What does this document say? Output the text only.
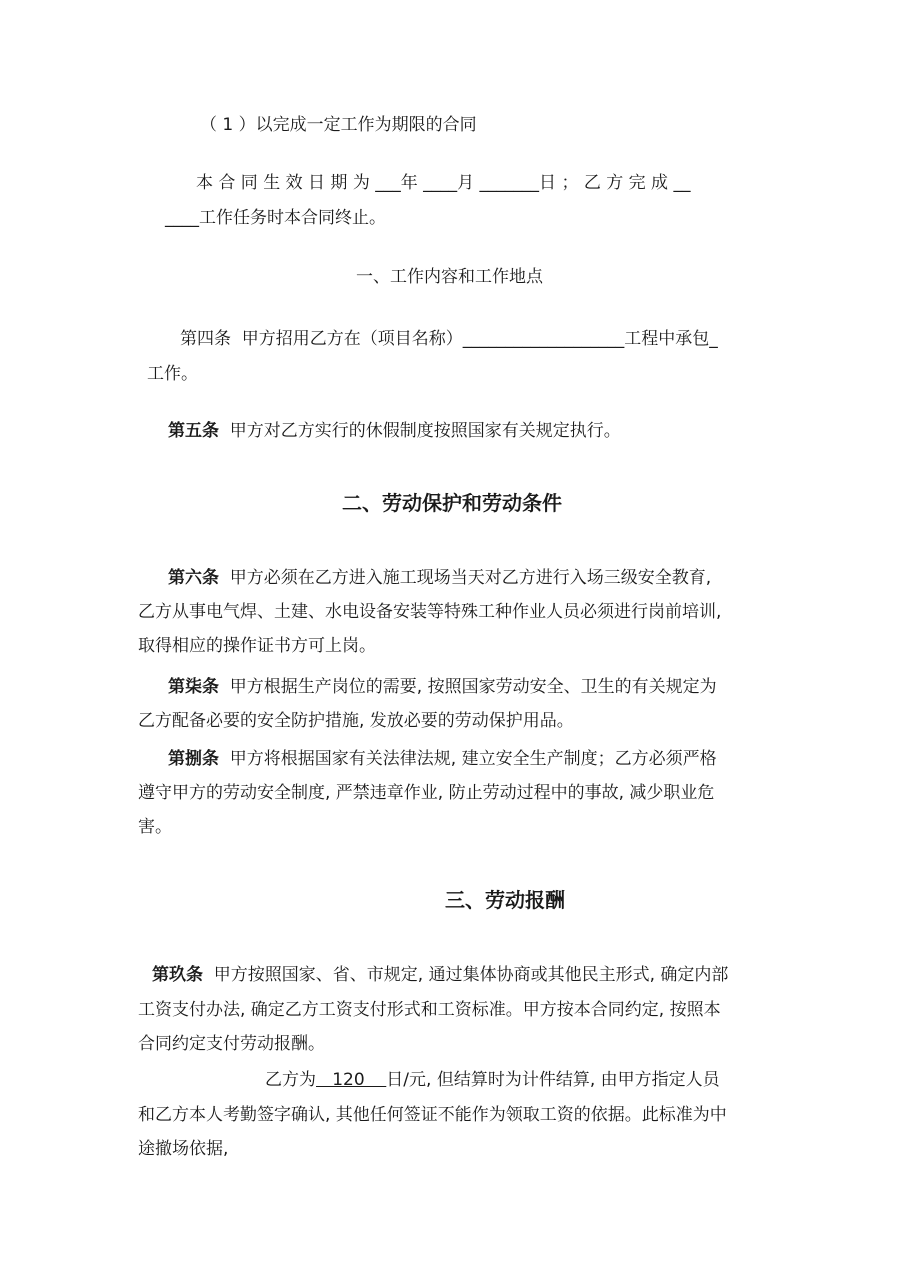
（ 1 ）以完成一定工作为期限的合同
本 合 同 生 效 日 期 为 ___年 ____月 _______日 ； 乙 方 完 成 __
____工作任务时本合同终止。
一、工作内容和工作地点
第四条  甲方招用乙方在（项目名称）___________________工程中承包_
工作。
第五条  甲方对乙方实行的休假制度按照国家有关规定执行。
二、劳动保护和劳动条件
第六条  甲方必须在乙方进入施工现场当天对乙方进行入场三级安全教育,
乙方从事电气焊、土建、水电设备安装等特殊工种作业人员必须进行岗前培训,
取得相应的操作证书方可上岗。
第柒条  甲方根据生产岗位的需要, 按照国家劳动安全、卫生的有关规定为
乙方配备必要的安全防护措施, 发放必要的劳动保护用品。
第捌条  甲方将根据国家有关法律法规, 建立安全生产制度；乙方必须严格
遵守甲方的劳动安全制度, 严禁违章作业, 防止劳动过程中的事故, 减少职业危
害。
三、劳动报酬
第玖条  甲方按照国家、省、市规定, 通过集体协商或其他民主形式, 确定内部
工资支付办法, 确定乙方工资支付形式和工资标准。甲方按本合同约定, 按照本
合同约定支付劳动报酬。
乙方为   120    日/元, 但结算时为计件结算, 由甲方指定人员
和乙方本人考勤签字确认, 其他任何签证不能作为领取工资的依据。此标准为中
途撤场依据,
